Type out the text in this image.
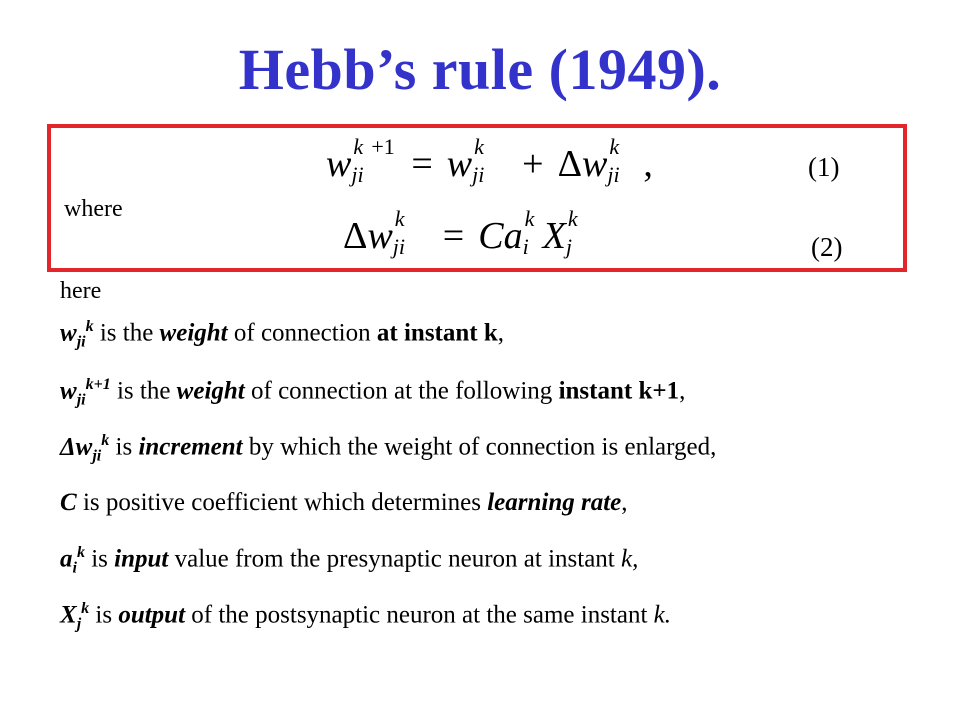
Hebb’s rule (1949).
w k +1
ji = w k
ji + Δw k
ji ,	(1)
where
Δw k
ji = Ca k
i X k
j	(2)
here
$w_{ji}^k$ is the weight of connection at instant k,
$w_{ji}^{k+1}$ is the weight of connection at the following instant k+1,
$\Delta w_{ji}^k$ is increment by which the weight of connection is enlarged,
C is positive coefficient which determines learning rate,
$a_i^k$ is input value from the presynaptic neuron at instant k,
$X_j^k$ is output of the postsynaptic neuron at the same instant k.
